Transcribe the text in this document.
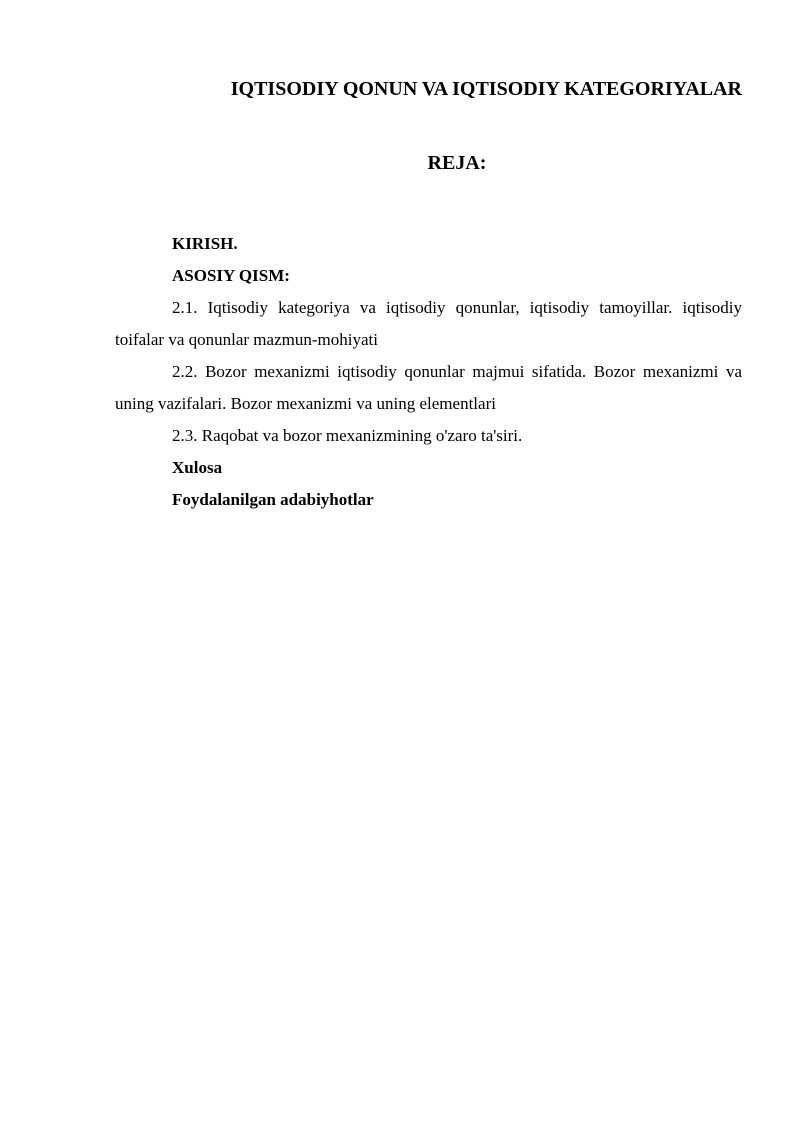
IQTISODIY QONUN VA IQTISODIY KATEGORIYALAR
REJA:

KIRISH.

ASOSIY QISM:

2.1. Iqtisodiy kategoriya va iqtisodiy qonunlar, iqtisodiy tamoyillar. iqtisodiy toifalar va qonunlar mazmun-mohiyati

2.2. Bozor mexanizmi iqtisodiy qonunlar majmui sifatida. Bozor mexanizmi va uning vazifalari. Bozor mexanizmi va uning elementlari

2.3. Raqobat va bozor mexanizmining o'zaro ta'siri.

Xulosa

Foydalanilgan adabiyhotlar
